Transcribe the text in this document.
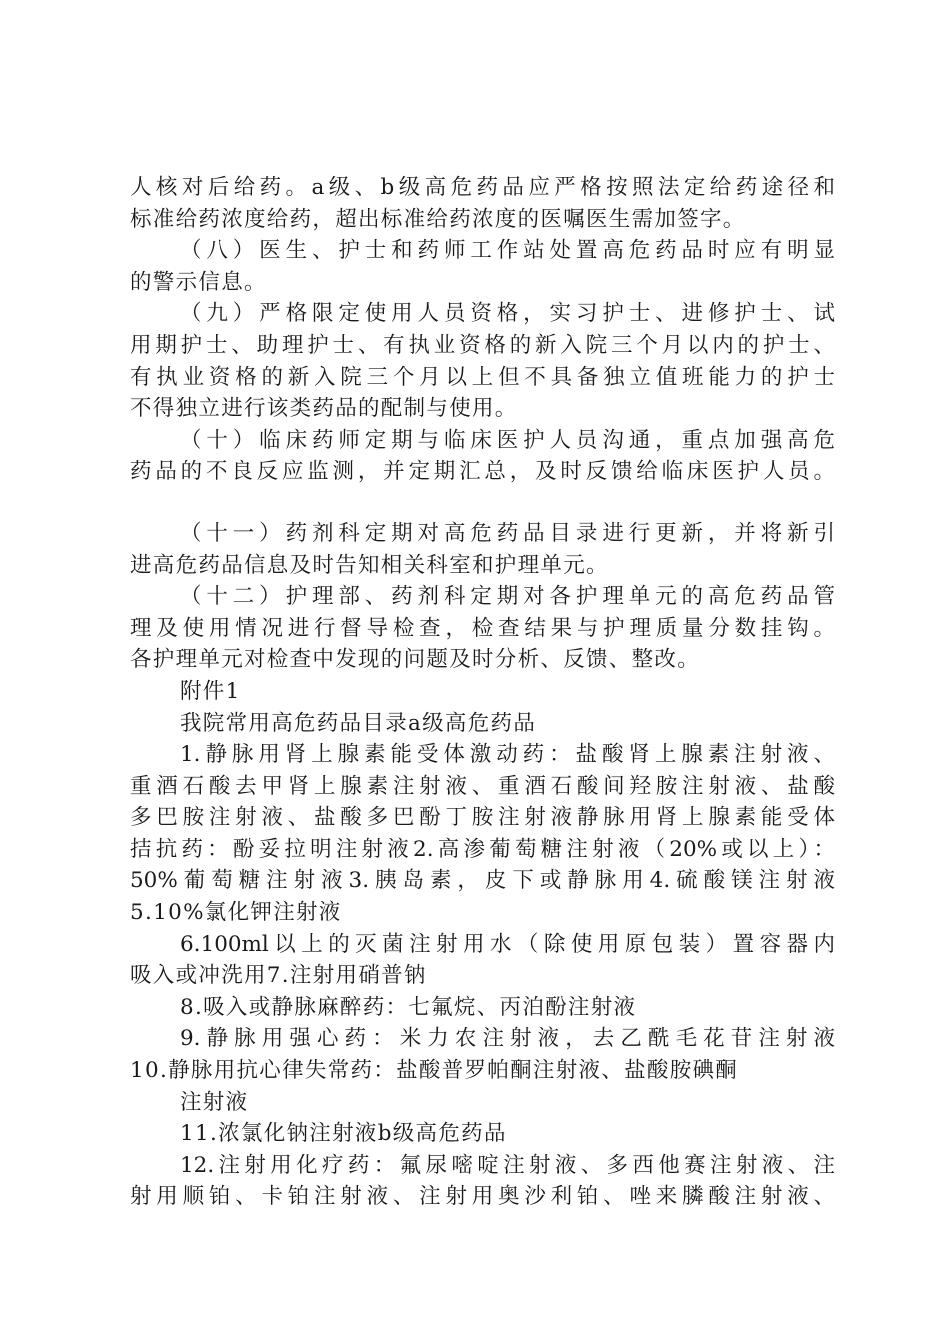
人核对后给药。a级、b级高危药品应严格按照法定给药途径和
标准给药浓度给药，超出标准给药浓度的医嘱医生需加签字。
（八）医生、护士和药师工作站处置高危药品时应有明显
的警示信息。
（九）严格限定使用人员资格，实习护士、进修护士、试
用期护士、助理护士、有执业资格的新入院三个月以内的护士、
有执业资格的新入院三个月以上但不具备独立值班能力的护士
不得独立进行该类药品的配制与使用。
（十）临床药师定期与临床医护人员沟通，重点加强高危
药品的不良反应监测，并定期汇总，及时反馈给临床医护人员。
（十一）药剂科定期对高危药品目录进行更新，并将新引
进高危药品信息及时告知相关科室和护理单元。
（十二）护理部、药剂科定期对各护理单元的高危药品管
理及使用情况进行督导检查，检查结果与护理质量分数挂钩。
各护理单元对检查中发现的问题及时分析、反馈、整改。
附件1
我院常用高危药品目录a级高危药品
1.静脉用肾上腺素能受体激动药：盐酸肾上腺素注射液、
重酒石酸去甲肾上腺素注射液、重酒石酸间羟胺注射液、盐酸
多巴胺注射液、盐酸多巴酚丁胺注射液静脉用肾上腺素能受体
拮抗药：酚妥拉明注射液2.高渗葡萄糖注射液（20%或以上）：
50%葡萄糖注射液3.胰岛素，皮下或静脉用4.硫酸镁注射液
5.10%氯化钾注射液
6.100ml以上的灭菌注射用水（除使用原包装）置容器内
吸入或冲洗用7.注射用硝普钠
8.吸入或静脉麻醉药：七氟烷、丙泊酚注射液
9.静脉用强心药：米力农注射液，去乙酰毛花苷注射液
10.静脉用抗心律失常药：盐酸普罗帕酮注射液、盐酸胺碘酮
注射液
11.浓氯化钠注射液b级高危药品
12.注射用化疗药：氟尿嘧啶注射液、多西他赛注射液、注
射用顺铂、卡铂注射液、注射用奥沙利铂、唑来膦酸注射液、
